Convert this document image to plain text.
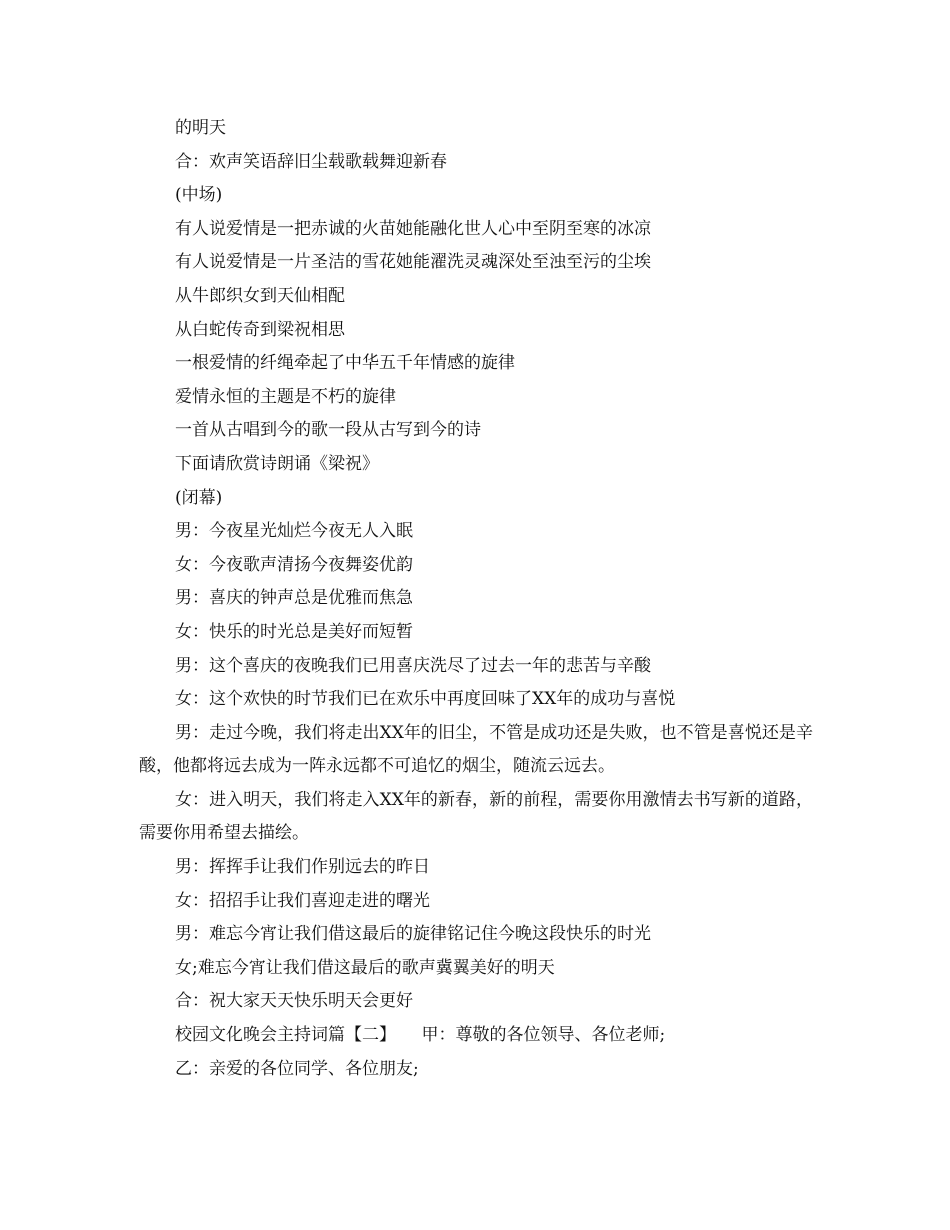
的明天
合：欢声笑语辞旧尘载歌载舞迎新春
(中场)
有人说爱情是一把赤诚的火苗她能融化世人心中至阴至寒的冰凉
有人说爱情是一片圣洁的雪花她能濯洗灵魂深处至浊至污的尘埃
从牛郎织女到天仙相配
从白蛇传奇到梁祝相思
一根爱情的纤绳牵起了中华五千年情感的旋律
爱情永恒的主题是不朽的旋律
一首从古唱到今的歌一段从古写到今的诗
下面请欣赏诗朗诵《梁祝》
(闭幕)
男：今夜星光灿烂今夜无人入眠
女：今夜歌声清扬今夜舞姿优韵
男：喜庆的钟声总是优雅而焦急
女：快乐的时光总是美好而短暂
男：这个喜庆的夜晚我们已用喜庆洗尽了过去一年的悲苦与辛酸
女：这个欢快的时节我们已在欢乐中再度回味了XX年的成功与喜悦

男：走过今晚，我们将走出XX年的旧尘，不管是成功还是失败，也不管是喜悦还是辛酸，他都将远去成为一阵永远都不可追忆的烟尘，随流云远去。

女：进入明天，我们将走入XX年的新春，新的前程，需要你用激情去书写新的道路，需要你用希望去描绘。

男：挥挥手让我们作别远去的昨日
女：招招手让我们喜迎走进的曙光
男：难忘今宵让我们借这最后的旋律铭记住今晚这段快乐的时光
女;难忘今宵让我们借这最后的歌声冀翼美好的明天
合：祝大家天天快乐明天会更好
校园文化晚会主持词篇【二】　　甲：尊敬的各位领导、各位老师;
乙：亲爱的各位同学、各位朋友;
